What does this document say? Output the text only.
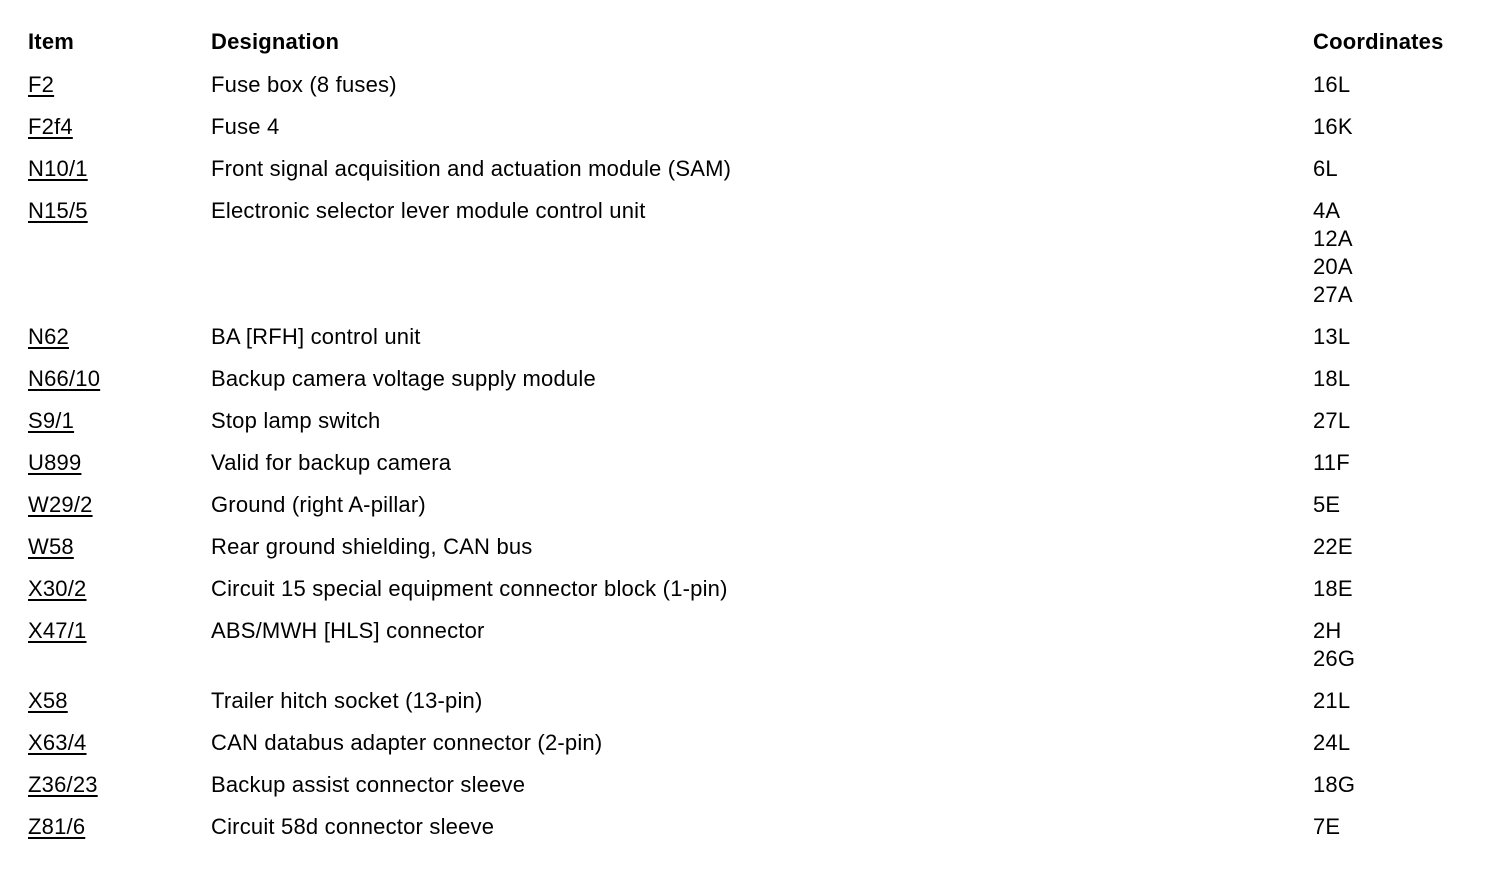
Item	Designation	Coordinates
F2	Fuse box (8 fuses)	16L

F2f4	Fuse 4	16K

N10/1	Front signal acquisition and actuation module (SAM)	6L

N15/5	Electronic selector lever module control unit	4A
12A
20A
27A

N62	BA [RFH] control unit	13L

N66/10	Backup camera voltage supply module	18L

S9/1	Stop lamp switch	27L

U899	Valid for backup camera	11F

W29/2	Ground (right A-pillar)	5E

W58	Rear ground shielding, CAN bus	22E

X30/2	Circuit 15 special equipment connector block (1-pin)	18E

X47/1	ABS/MWH [HLS] connector	2H
26G

X58	Trailer hitch socket (13-pin)	21L

X63/4	CAN databus adapter connector (2-pin)	24L

Z36/23	Backup assist connector sleeve	18G

Z81/6	Circuit 58d connector sleeve	7E
